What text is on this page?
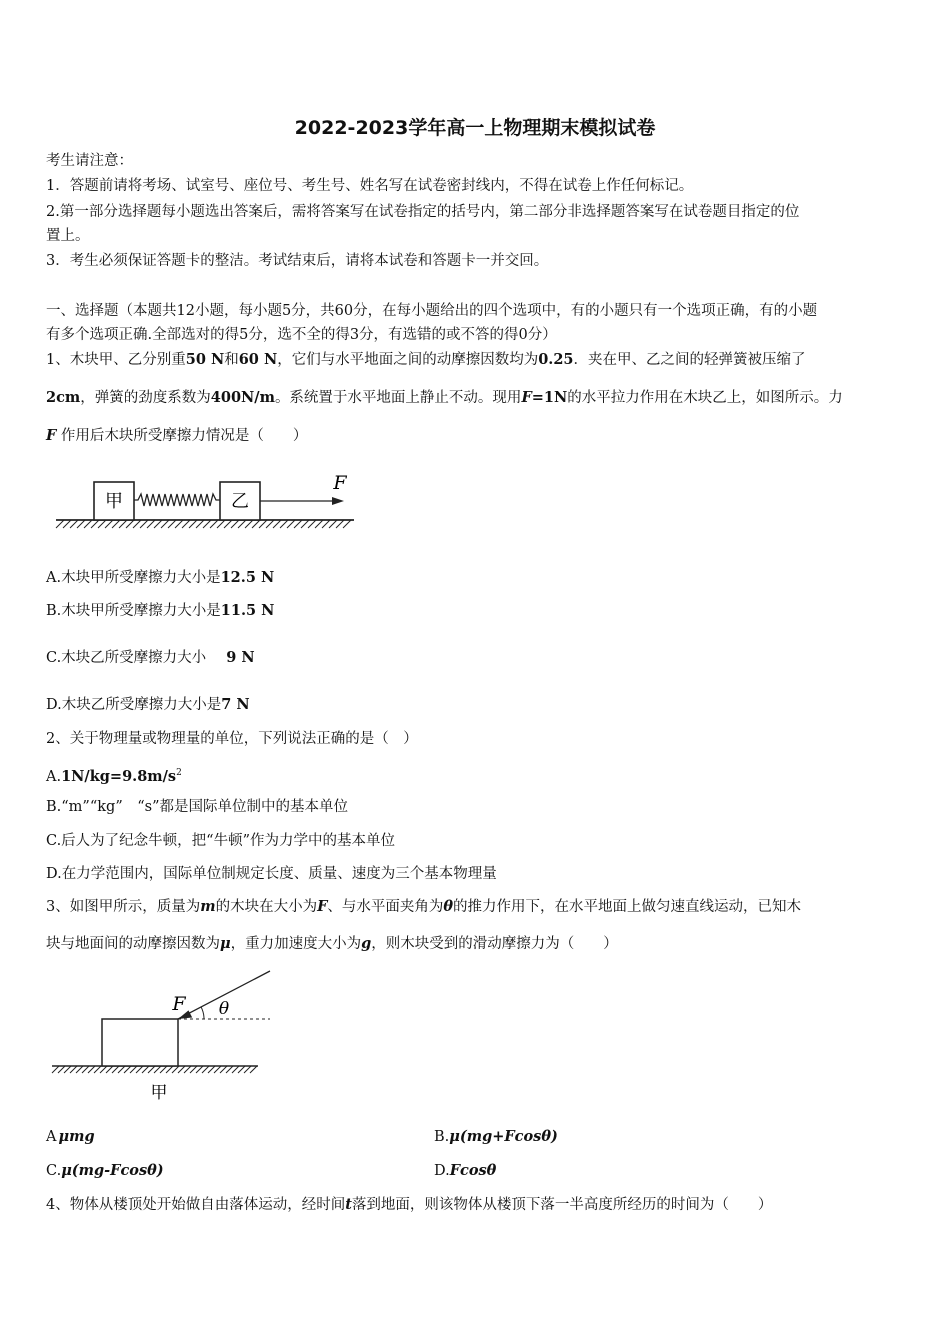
2022-2023学年高一上物理期末模拟试卷
考生请注意：
1．答题前请将考场、试室号、座位号、考生号、姓名写在试卷密封线内，不得在试卷上作任何标记。
2.第一部分选择题每小题选出答案后，需将答案写在试卷指定的括号内，第二部分非选择题答案写在试卷题目指定的位
置上。
3．考生必须保证答题卡的整洁。考试结束后，请将本试卷和答题卡一并交回。
一、选择题（本题共12小题，每小题5分，共60分，在每小题给出的四个选项中，有的小题只有一个选项正确，有的小题
有多个选项正确.全部选对的得5分，选不全的得3分，有选错的或不答的得0分）
1、木块甲、乙分别重50 N和60 N，它们与水平地面之间的动摩擦因数均为0.25．夹在甲、乙之间的轻弹簧被压缩了
2cm，弹簧的劲度系数为400N/m。系统置于水平地面上静止不动。现用F=1N的水平拉力作用在木块乙上，如图所示。力
F 作用后木块所受摩擦力情况是（　　）
甲	乙
F
A.木块甲所受摩擦力大小是12.5 N
B.木块甲所受摩擦力大小是11.5 N
C.木块乙所受摩擦力大小 9 N
D.木块乙所受摩擦力大小是7 N
2、关于物理量或物理量的单位，下列说法正确的是（　）
$A.1N/kg=9.8m/s^2$
B.“m”“kg”　“s”都是国际单位制中的基本单位
C.后人为了纪念牛顿，把“牛顿”作为力学中的基本单位
D.在力学范围内，国际单位制规定长度、质量、速度为三个基本物理量
3、如图甲所示，质量为m的木块在大小为F、与水平面夹角为θ的推力作用下，在水平地面上做匀速直线运动，已知木
块与地面间的动摩擦因数为μ，重力加速度大小为g，则木块受到的滑动摩擦力为（　　）
F θ
甲
A μmg	B.μ(mg+Fcosθ)
C.μ(mg-Fcosθ)	D.Fcosθ
4、物体从楼顶处开始做自由落体运动，经时间t落到地面，则该物体从楼顶下落一半高度所经历的时间为（　　）
